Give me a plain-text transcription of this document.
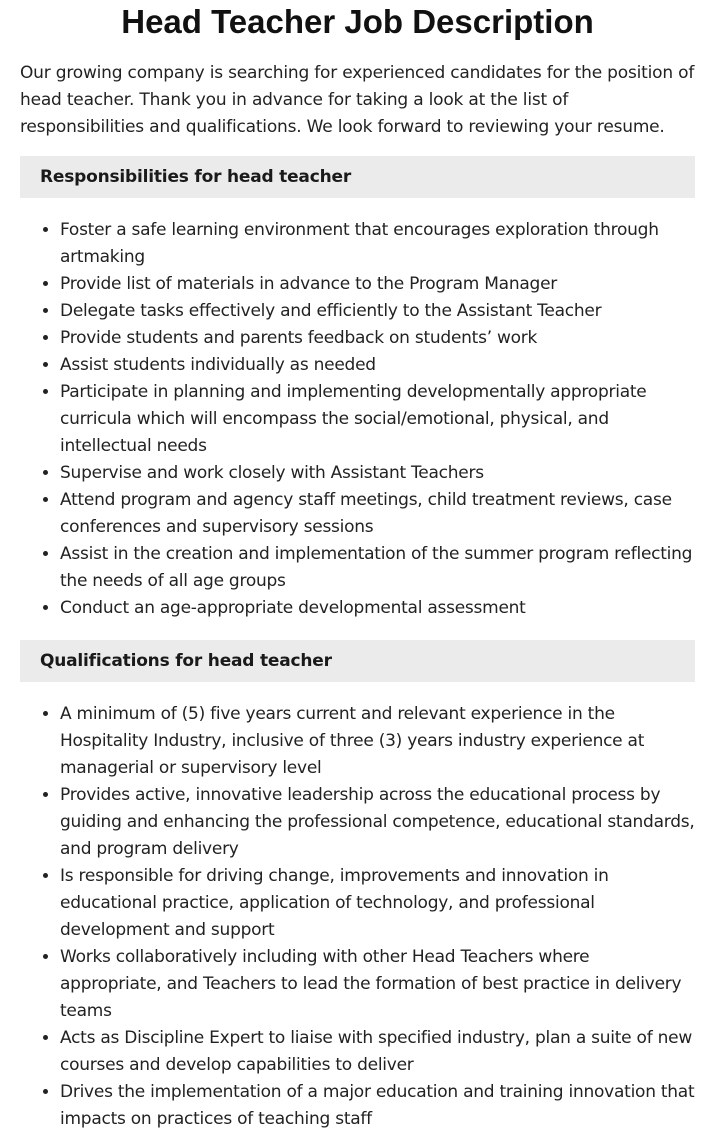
Head Teacher Job Description

Our growing company is searching for experienced candidates for the position of head teacher. Thank you in advance for taking a look at the list of responsibilities and qualifications. We look forward to reviewing your resume.

Responsibilities for head teacher
• Foster a safe learning environment that encourages exploration through artmaking
• Provide list of materials in advance to the Program Manager
• Delegate tasks effectively and efficiently to the Assistant Teacher
• Provide students and parents feedback on students’ work
• Assist students individually as needed
• Participate in planning and implementing developmentally appropriate curricula which will encompass the social/emotional, physical, and intellectual needs
• Supervise and work closely with Assistant Teachers
• Attend program and agency staff meetings, child treatment reviews, case conferences and supervisory sessions
• Assist in the creation and implementation of the summer program reflecting the needs of all age groups
• Conduct an age-appropriate developmental assessment
Qualifications for head teacher
• A minimum of (5) five years current and relevant experience in the Hospitality Industry, inclusive of three (3) years industry experience at managerial or supervisory level
• Provides active, innovative leadership across the educational process by guiding and enhancing the professional competence, educational standards, and program delivery
• Is responsible for driving change, improvements and innovation in educational practice, application of technology, and professional development and support
• Works collaboratively including with other Head Teachers where appropriate, and Teachers to lead the formation of best practice in delivery teams
• Acts as Discipline Expert to liaise with specified industry, plan a suite of new courses and develop capabilities to deliver
• Drives the implementation of a major education and training innovation that impacts on practices of teaching staff
